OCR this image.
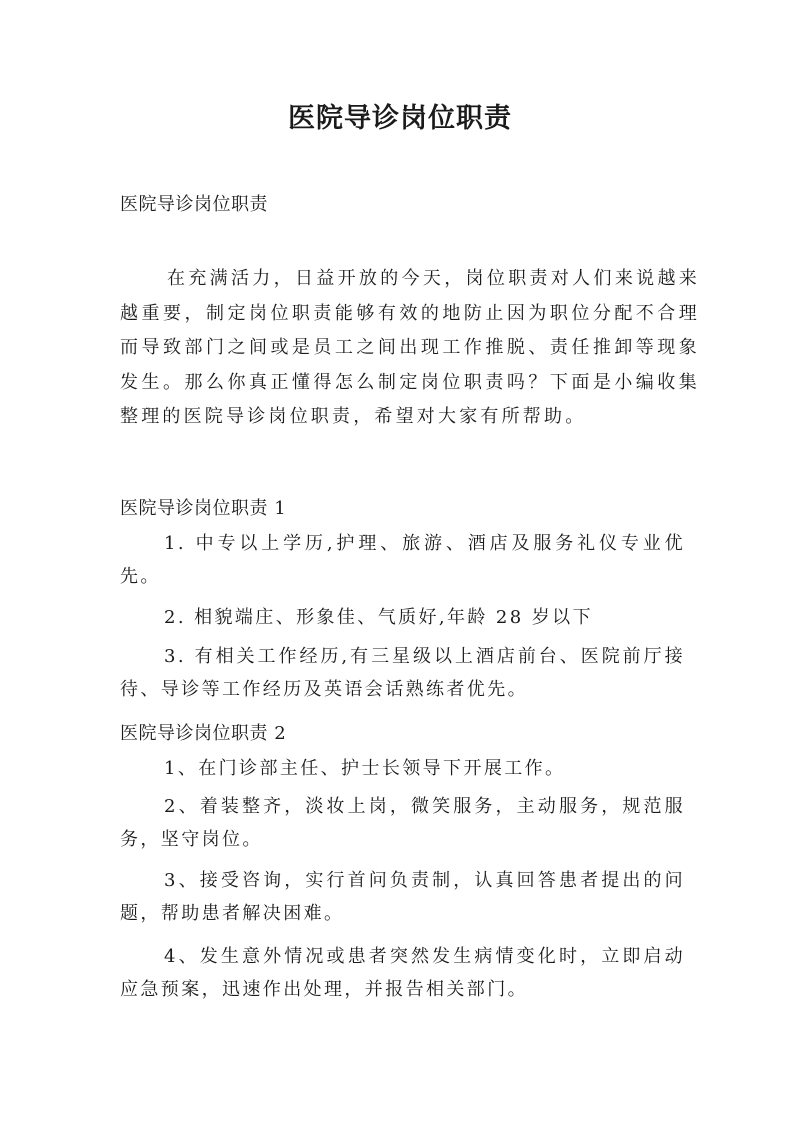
医院导诊岗位职责
医院导诊岗位职责
在充满活力，日益开放的今天，岗位职责对人们来说越来越重要，制定岗位职责能够有效的地防止因为职位分配不合理而导致部门之间或是员工之间出现工作推脱、责任推卸等现象发生。那么你真正懂得怎么制定岗位职责吗？下面是小编收集整理的医院导诊岗位职责，希望对大家有所帮助。
医院导诊岗位职责 1
1. 中专以上学历,护理、旅游、酒店及服务礼仪专业优先。
2. 相貌端庄、形象佳、气质好,年龄 28 岁以下
3. 有相关工作经历,有三星级以上酒店前台、医院前厅接待、导诊等工作经历及英语会话熟练者优先。
医院导诊岗位职责 2
1、在门诊部主任、护士长领导下开展工作。
2、着装整齐，淡妆上岗，微笑服务，主动服务，规范服务，坚守岗位。
3、接受咨询，实行首问负责制，认真回答患者提出的问题，帮助患者解决困难。
4、发生意外情况或患者突然发生病情变化时，立即启动应急预案，迅速作出处理，并报告相关部门。
